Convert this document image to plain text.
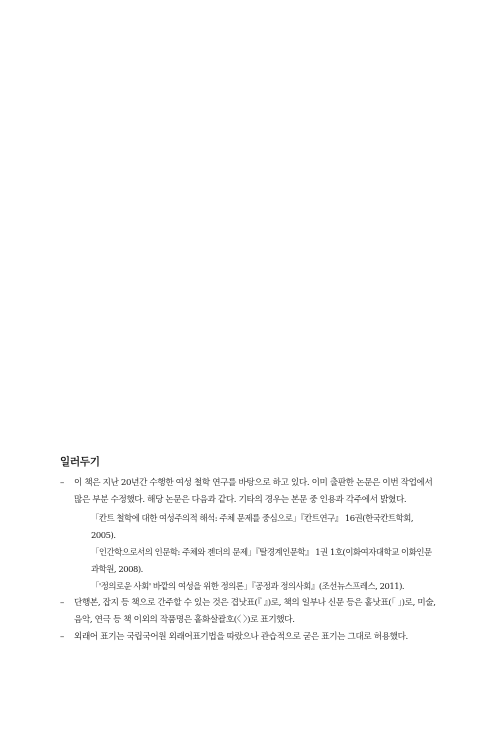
일러두기
– 이 책은 지난 20년간 수행한 여성 철학 연구를 바탕으로 하고 있다. 이미 출판한 논문은 이번 작업에서 많은 부분 수정했다. 해당 논문은 다음과 같다. 기타의 경우는 본문 중 인용과 각주에서 밝혔다.
「칸트 철학에 대한 여성주의적 해석: 주체 문제를 중심으로」『칸트연구』 16권(한국칸트학회, 2005).
「인간학으로서의 인문학: 주체와 젠더의 문제」『탈경계인문학』 1권 1호(이화여자대학교 이화인문과학원, 2008).
「'정의로운 사회' 바깥의 여성을 위한 정의론」『공정과 정의사회』(조선뉴스프레스, 2011).
– 단행본, 잡지 등 책으로 간주할 수 있는 것은 겹낫표(『 』)로, 책의 일부나 신문 등은 홑낫표(「 」)로, 미술, 음악, 연극 등 책 이외의 작품명은 홑화살괄호(〈 〉)로 표기했다.
– 외래어 표기는 국립국어원 외래어표기법을 따랐으나 관습적으로 굳은 표기는 그대로 허용했다.
